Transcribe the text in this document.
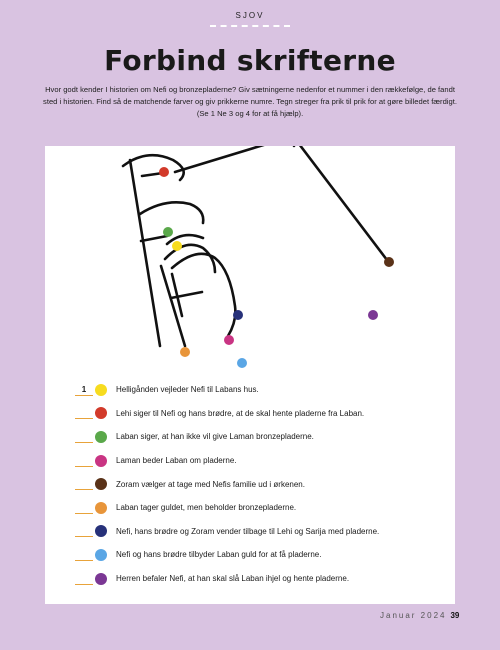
SJOV
Forbind skrifterne
Hvor godt kender I historien om Nefi og bronzepladerne? Giv sætningerne nedenfor et nummer i den rækkefølge, de fandt sted i historien. Find så de matchende farver og giv prikkerne numre. Tegn streger fra prik til prik for at gøre billedet færdigt. (Se 1 Ne 3 og 4 for at få hjælp).
1	Helligånden vejleder Nefi til Labans hus.
Lehi siger til Nefi og hans brødre, at de skal hente pladerne fra Laban.
Laban siger, at han ikke vil give Laman bronzepladerne.
Laman beder Laban om pladerne.
Zoram vælger at tage med Nefis familie ud i ørkenen.
Laban tager guldet, men beholder bronzepladerne.
Nefi, hans brødre og Zoram vender tilbage til Lehi og Sarija med pladerne.
Nefi og hans brødre tilbyder Laban guld for at få pladerne.
Herren befaler Nefi, at han skal slå Laban ihjel og hente pladerne.
Januar 2024 39
